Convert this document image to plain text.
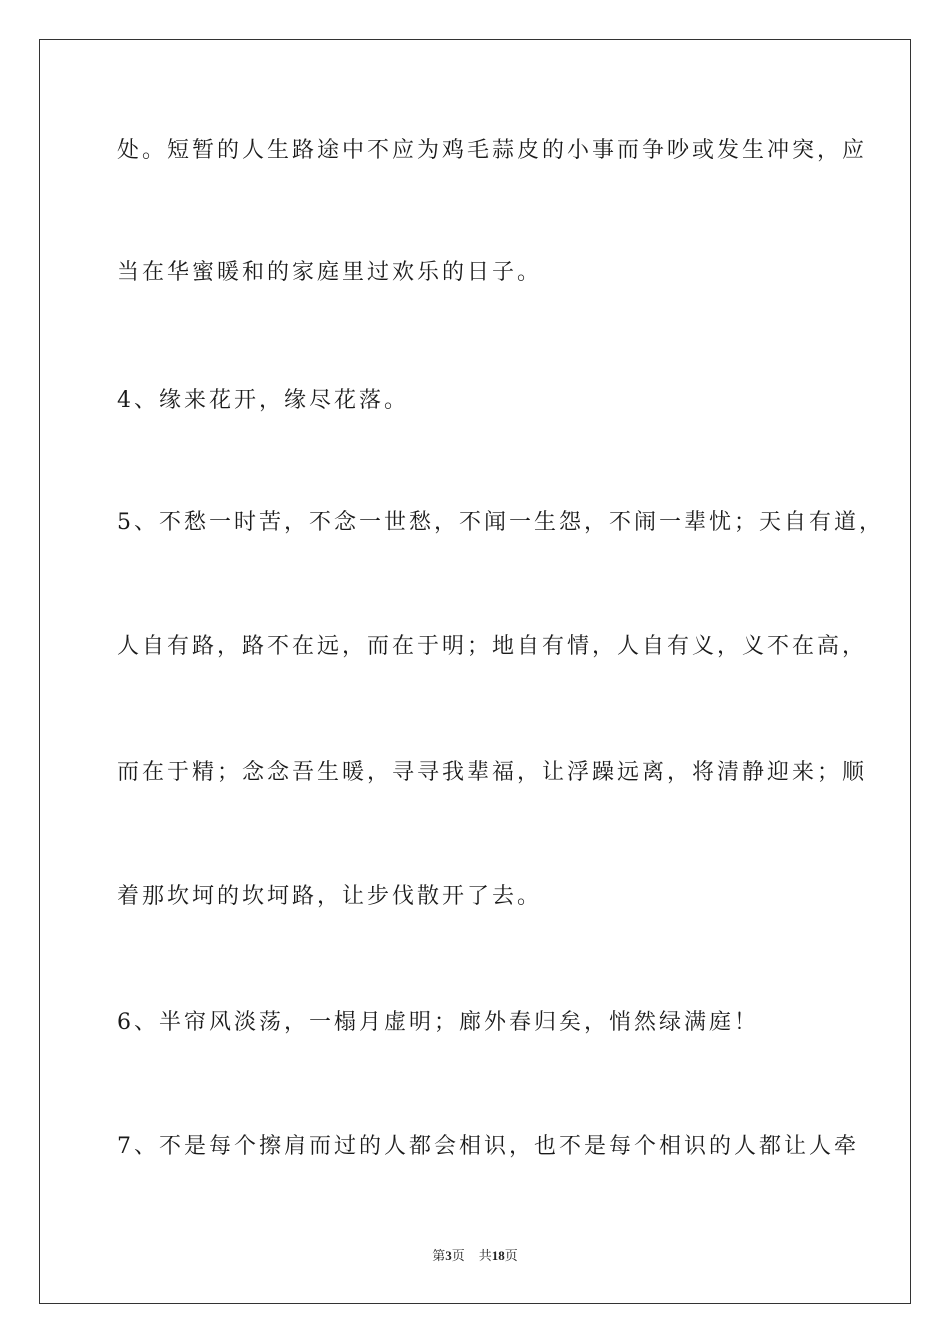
处。短暂的人生路途中不应为鸡毛蒜皮的小事而争吵或发生冲突，应
当在华蜜暖和的家庭里过欢乐的日子。
4、缘来花开，缘尽花落。
5、不愁一时苦，不念一世愁，不闻一生怨，不闹一辈忧；天自有道，
人自有路，路不在远，而在于明；地自有情，人自有义，义不在高，
而在于精；念念吾生暖，寻寻我辈福，让浮躁远离，将清静迎来；顺
着那坎坷的坎坷路，让步伐散开了去。
6、半帘风淡荡，一榻月虚明；廊外春归矣，悄然绿满庭！
7、不是每个擦肩而过的人都会相识，也不是每个相识的人都让人牵
第3页 共18页
